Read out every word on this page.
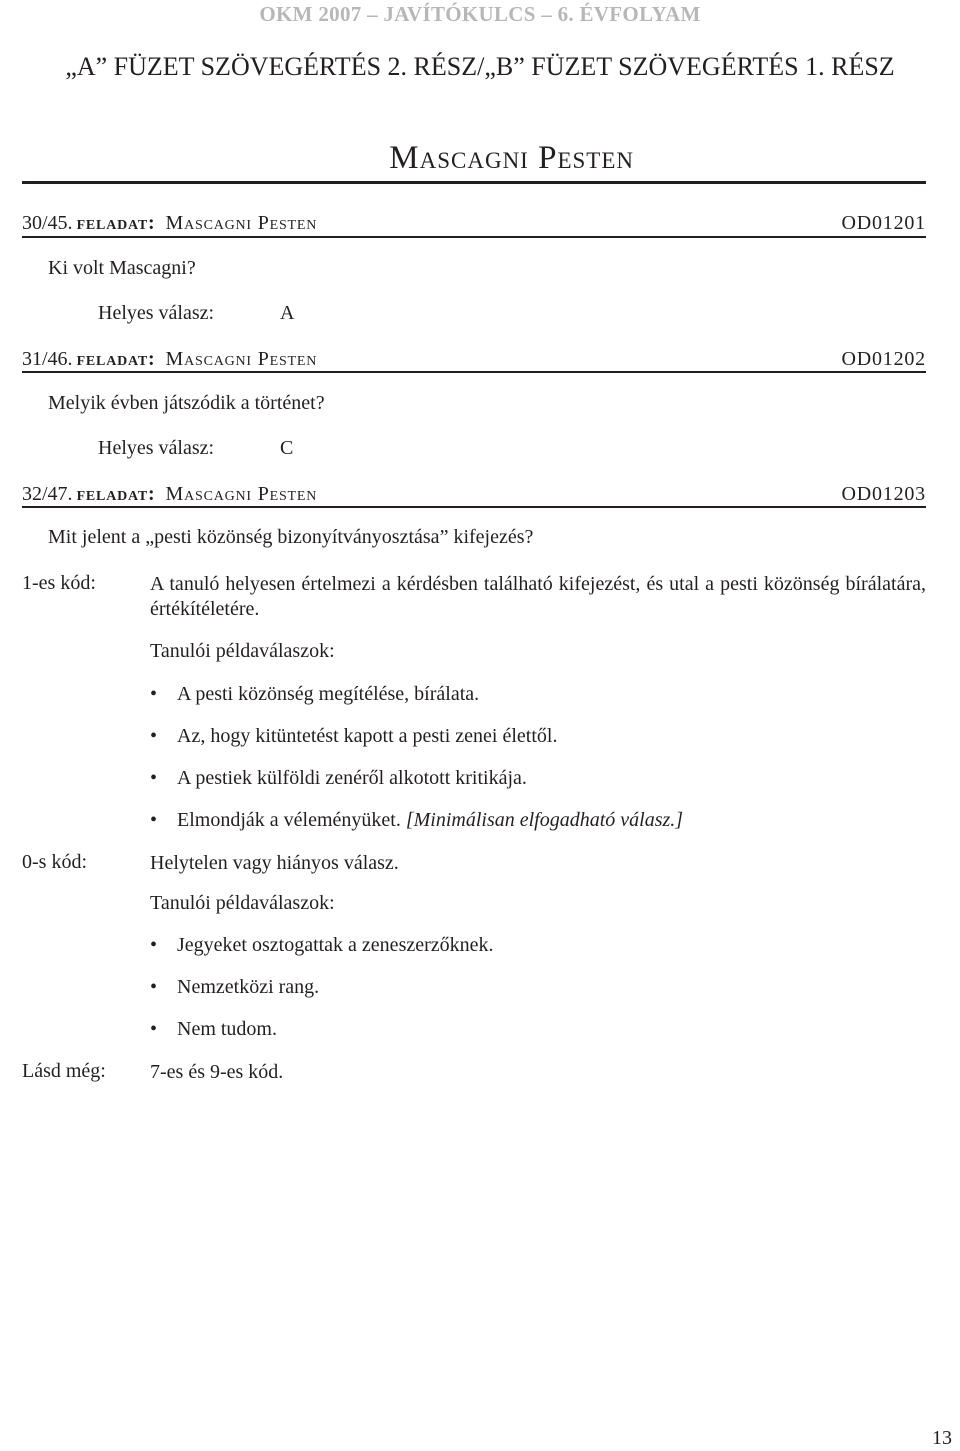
OKM 2007 – JAVÍTÓKULCS – 6. ÉVFOLYAM
„A” FÜZET SZÖVEGÉRTÉS 2. RÉSZ/„B” FÜZET SZÖVEGÉRTÉS 1. RÉSZ
Mascagni Pesten
30/45. feladat: Mascagni Pesten	OD01201
Ki volt Mascagni?
Helyes válasz:	A
31/46. feladat: Mascagni Pesten	OD01202
Melyik évben játszódik a történet?
Helyes válasz:	C
32/47. feladat: Mascagni Pesten	OD01203
Mit jelent a „pesti közönség bizonyítványosztása” kifejezés?
1-es kód:	A tanuló helyesen értelmezi a kérdésben található kifejezést, és utal a pesti közönség bírálatára, értékítéletére.
Tanulói példaválaszok:
• A pesti közönség megítélése, bírálata.
• Az, hogy kitüntetést kapott a pesti zenei élettől.
• A pestiek külföldi zenéről alkotott kritikája.
• Elmondják a véleményüket. [Minimálisan elfogadható válasz.]
0-s kód:	Helytelen vagy hiányos válasz.
Tanulói példaválaszok:
• Jegyeket osztogattak a zeneszerzőknek.
• Nemzetközi rang.
• Nem tudom.
Lásd még: 7-es és 9-es kód.
13
